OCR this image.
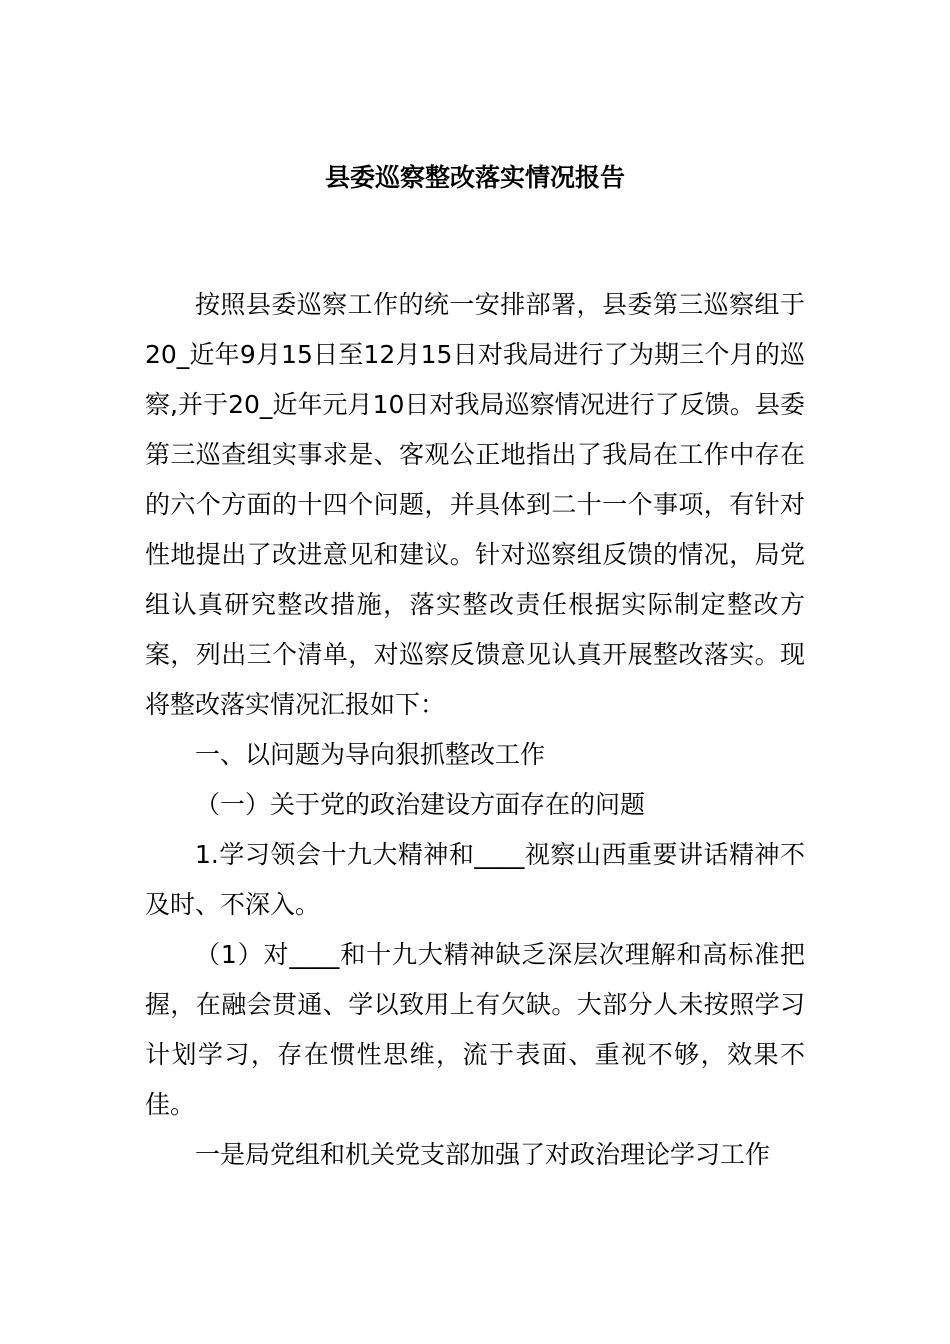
县委巡察整改落实情况报告

按照县委巡察工作的统一安排部署，县委第三巡察组于20_近年9月15日至12月15日对我局进行了为期三个月的巡察,并于20_近年元月10日对我局巡察情况进行了反馈。县委第三巡查组实事求是、客观公正地指出了我局在工作中存在的六个方面的十四个问题，并具体到二十一个事项，有针对性地提出了改进意见和建议。针对巡察组反馈的情况，局党组认真研究整改措施，落实整改责任根据实际制定整改方案，列出三个清单，对巡察反馈意见认真开展整改落实。现将整改落实情况汇报如下：

一、以问题为导向狠抓整改工作

（一）关于党的政治建设方面存在的问题

1.学习领会十九大精神和____视察山西重要讲话精神不及时、不深入。

（1）对____和十九大精神缺乏深层次理解和高标准把握，在融会贯通、学以致用上有欠缺。大部分人未按照学习计划学习，存在惯性思维，流于表面、重视不够，效果不佳。

一是局党组和机关党支部加强了对政治理论学习工作
